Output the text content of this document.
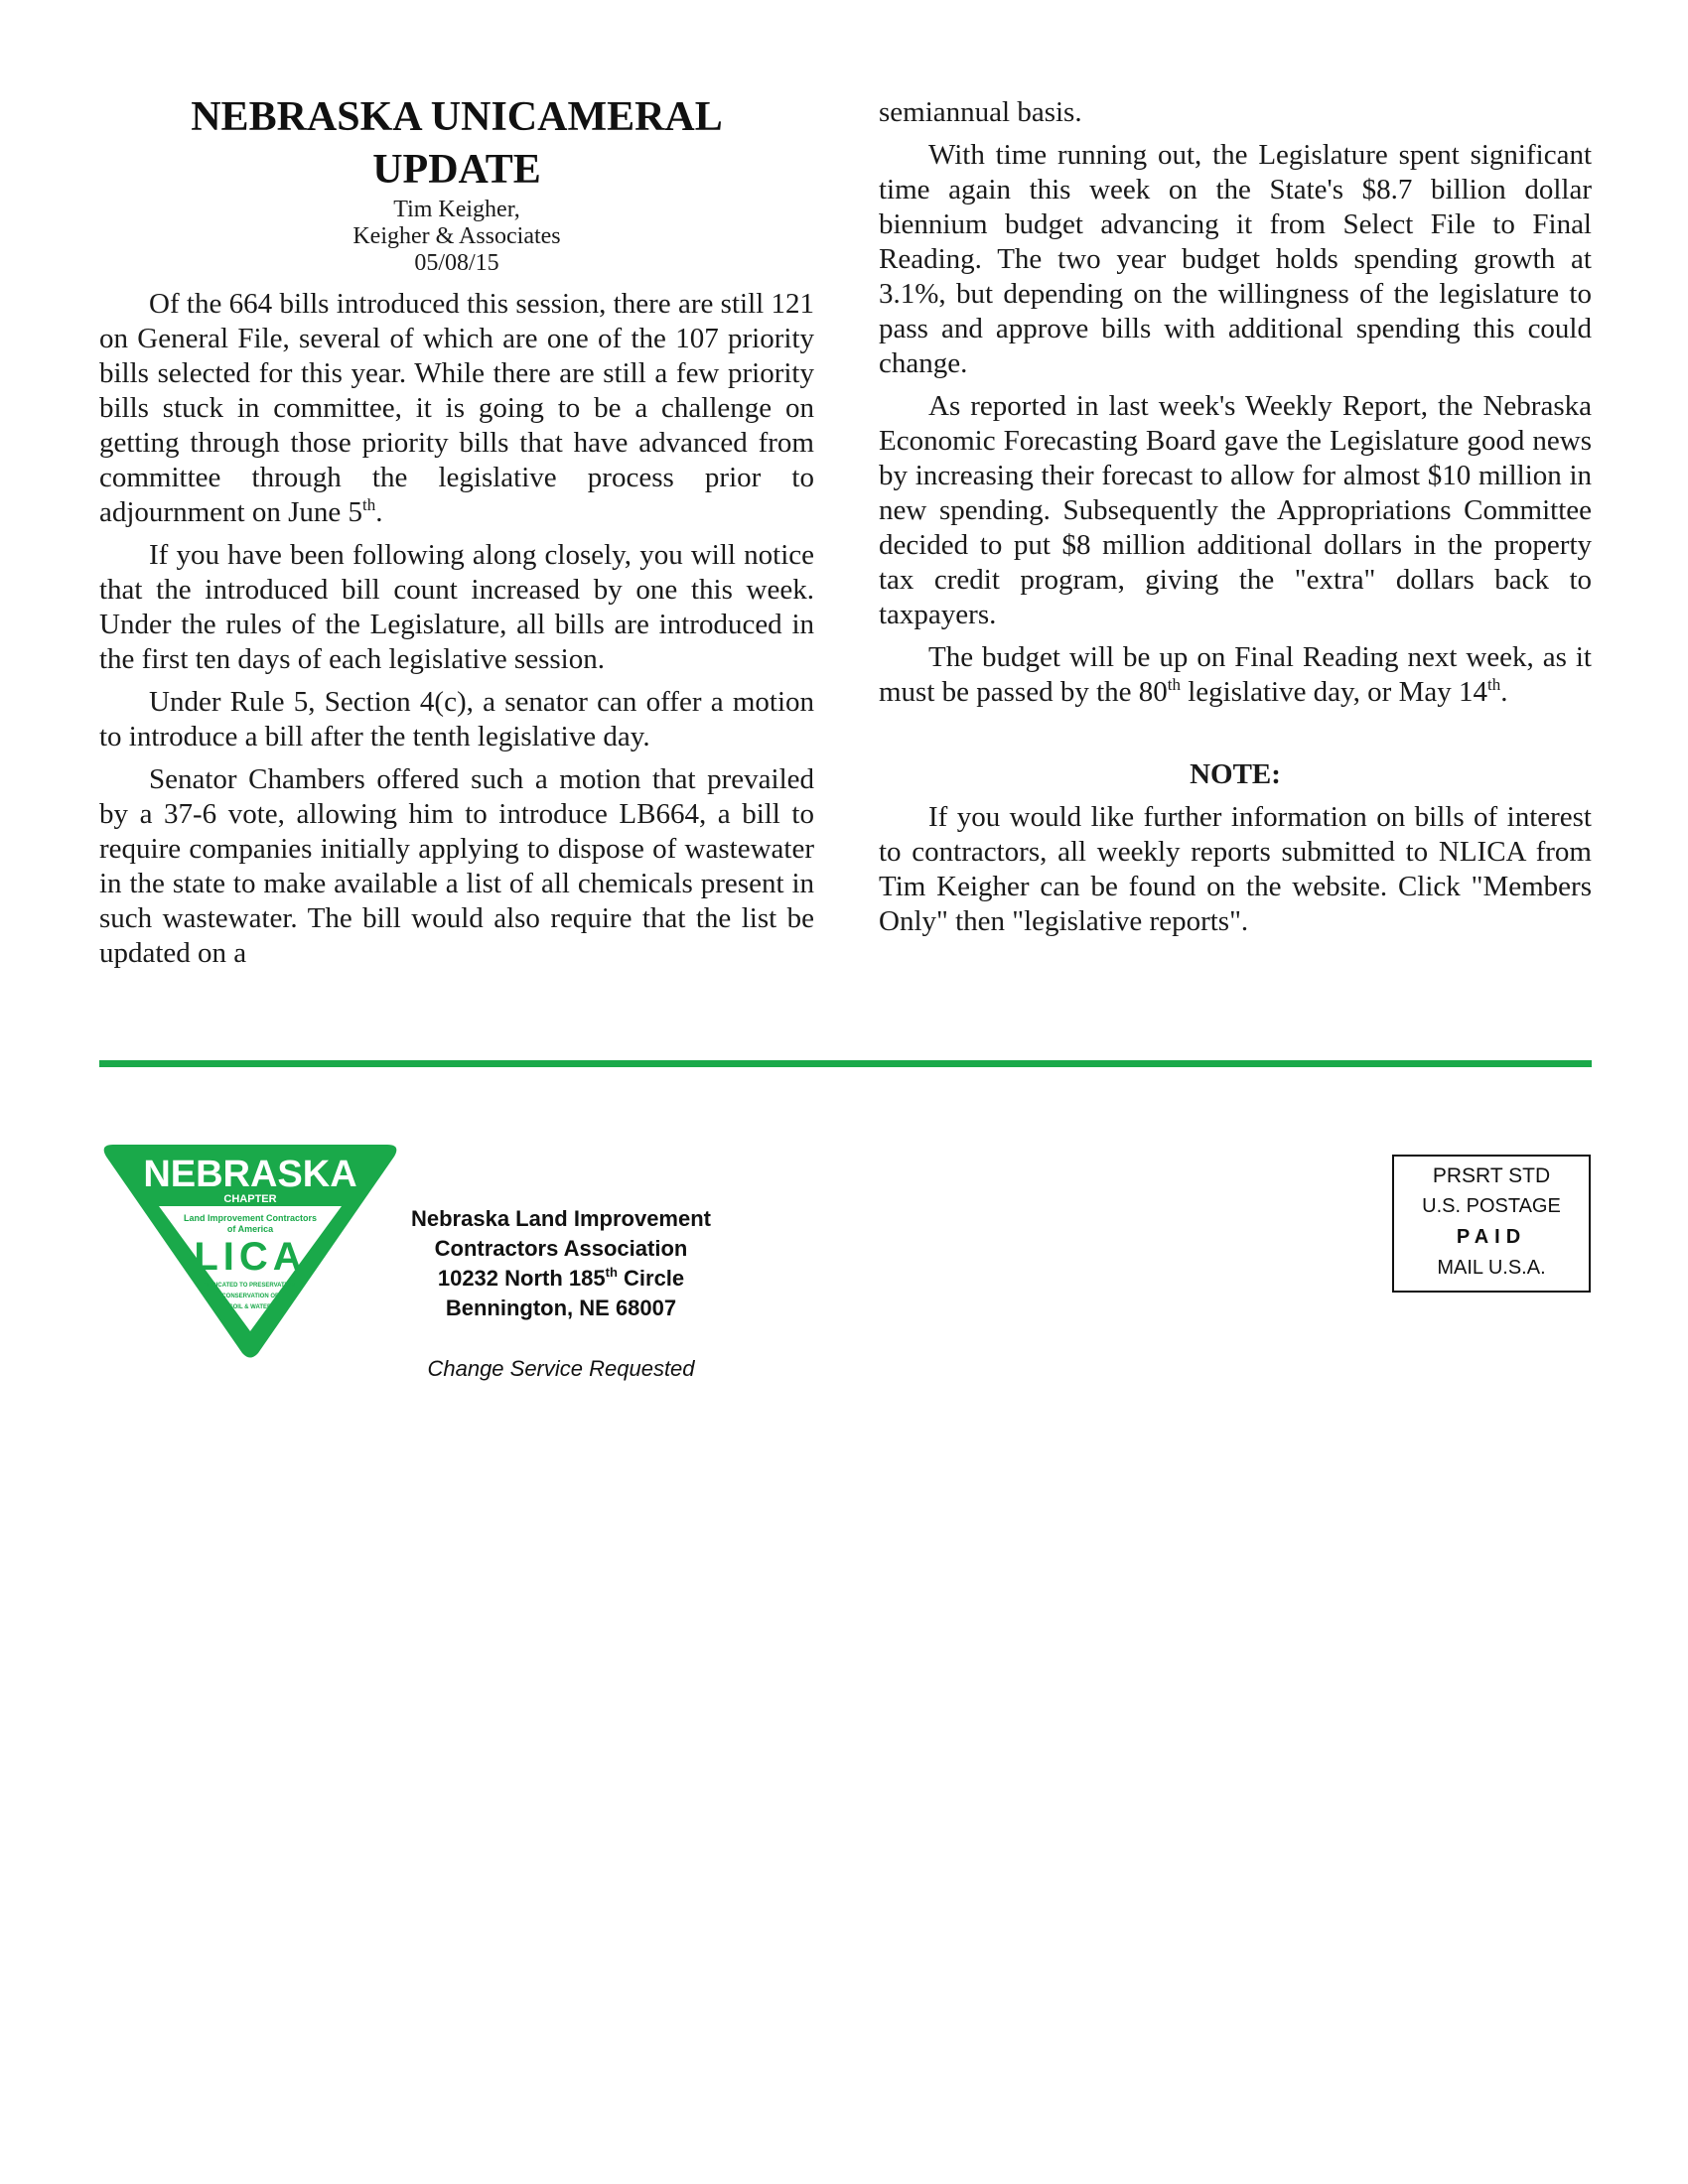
NEBRASKA UNICAMERAL
UPDATE
Tim Keigher,
Keigher & Associates
05/08/15

Of the 664 bills introduced this session, there are still 121 on General File, several of which are one of the 107 priority bills selected for this year. While there are still a few priority bills stuck in committee, it is going to be a challenge on getting through those priority bills that have advanced from committee through the legislative process prior to adjournment on June 5th.

If you have been following along closely, you will notice that the introduced bill count increased by one this week. Under the rules of the Legislature, all bills are introduced in the first ten days of each legislative session.

Under Rule 5, Section 4(c), a senator can offer a motion to introduce a bill after the tenth legislative day.

Senator Chambers offered such a motion that prevailed by a 37-6 vote, allowing him to introduce LB664, a bill to require companies initially applying to dispose of wastewater in the state to make available a list of all chemicals present in such wastewater. The bill would also require that the list be updated on a

semiannual basis.

With time running out, the Legislature spent significant time again this week on the State's $8.7 billion dollar biennium budget advancing it from Select File to Final Reading. The two year budget holds spending growth at 3.1%, but depending on the willingness of the legislature to pass and approve bills with additional spending this could change.

As reported in last week's Weekly Report, the Nebraska Economic Forecasting Board gave the Legislature good news by increasing their forecast to allow for almost $10 million in new spending. Subsequently the Appropriations Committee decided to put $8 million additional dollars in the property tax credit program, giving the "extra" dollars back to taxpayers.

The budget will be up on Final Reading next week, as it must be passed by the 80th legislative day, or May 14th.

NOTE:

If you would like further information on bills of interest to contractors, all weekly reports submitted to NLICA from Tim Keigher can be found on the website. Click "Members Only" then "legislative reports".

NEBRASKA
CHAPTER
Land Improvement Contractors
of America
LICA
DEDICATED TO PRESERVATION,
CONSERVATION OF
SOIL & WATER
Nebraska Land Improvement
Contractors Association
10232 North 185th Circle
Bennington, NE 68007
Change Service Requested
PRSRT STD
U.S. POSTAGE
PAID
MAIL U.S.A.
